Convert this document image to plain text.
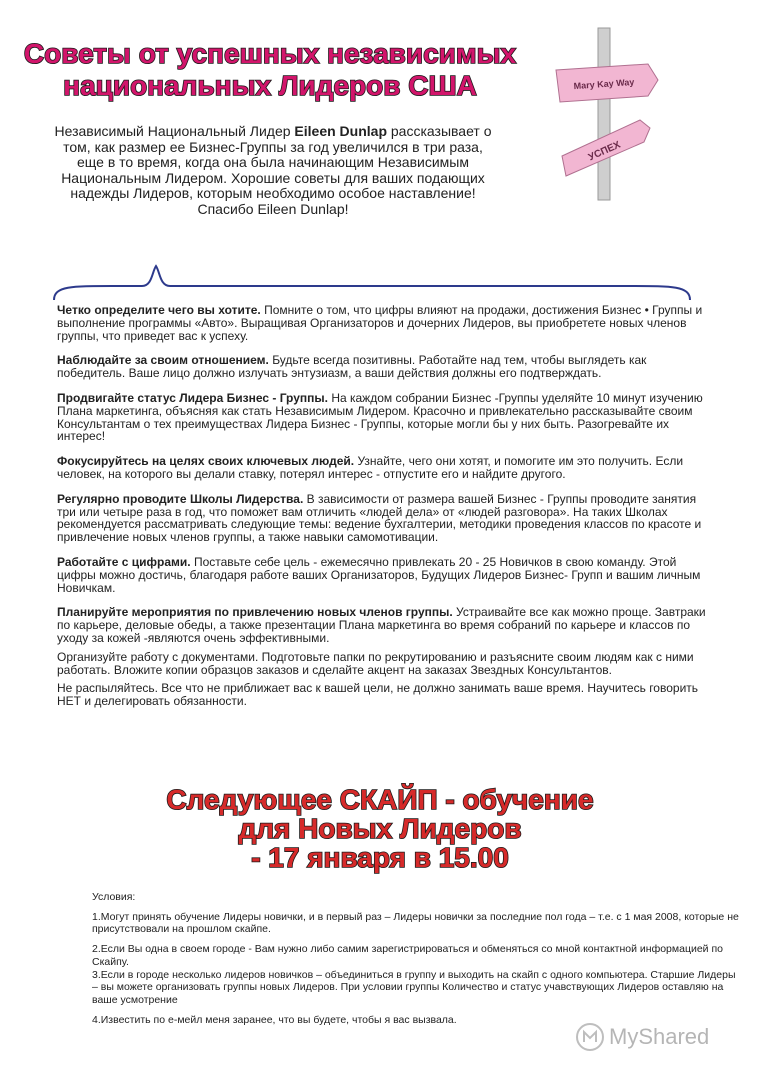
Советы от успешных независимых
национальных Лидеров США
Независимый Национальный Лидер Eileen Dunlap рассказывает о том, как размер ее Бизнес-Группы за год увеличился в три раза, еще в то время, когда она была начинающим Независимым Национальным Лидером. Хорошие советы для ваших подающих надежды Лидеров, которым необходимо особое наставление! Спасибо Eileen Dunlap!
Mary Kay Way
УСПЕХ
Четко определите чего вы хотите. Помните о том, что цифры влияют на продажи, достижения Бизнес • Группы и выполнение программы «Авто». Выращивая Организаторов и дочерних Лидеров, вы приобретете новых членов группы, что приведет вас к успеху.
Наблюдайте за своим отношением. Будьте всегда позитивны. Работайте над тем, чтобы выглядеть как победитель. Ваше лицо должно излучать энтузиазм, а ваши действия должны его подтверждать.
Продвигайте статус Лидера Бизнес - Группы. На каждом собрании Бизнес -Группы уделяйте 10 минут изучению Плана маркетинга, объясняя как стать Независимым Лидером. Красочно и привлекательно рассказывайте своим Консультантам о тех преимуществах Лидера Бизнес - Группы, которые могли бы у них быть. Разогревайте их интерес!
Фокусируйтесь на целях своих ключевых людей. Узнайте, чего они хотят, и помогите им это получить. Если человек, на которого вы делали ставку, потерял интерес - отпустите его и найдите другого.
Регулярно проводите Школы Лидерства. В зависимости от размера вашей Бизнес - Группы проводите занятия три или четыре раза в год, что поможет вам отличить «людей дела» от «людей разговора». На таких Школах рекомендуется рассматривать следующие темы: ведение бухгалтерии, методики проведения классов по красоте и привлечение новых членов группы, а также навыки самомотивации.
Работайте с цифрами. Поставьте себе цель - ежемесячно привлекать 20 - 25 Новичков в свою команду. Этой цифры можно достичь, благодаря работе ваших Организаторов, Будущих Лидеров Бизнес- Групп и вашим личным Новичкам.
Планируйте мероприятия по привлечению новых членов группы. Устраивайте все как можно проще. Завтраки по карьере, деловые обеды, а также презентации Плана маркетинга во время собраний по карьере и классов по уходу за кожей -являются очень эффективными.
Организуйте работу с документами. Подготовьте папки по рекрутированию и разъясните своим людям как с ними работать. Вложите копии образцов заказов и сделайте акцент на заказах Звездных Консультантов.
Не распыляйтесь. Все что не приближает вас к вашей цели, не должно занимать ваше время. Научитесь говорить НЕТ и делегировать обязанности.
Следующее СКАЙП - обучение
для Новых Лидеров
- 17 января в 15.00

Условия:

1.Могут принять обучение Лидеры новички, и в первый раз – Лидеры новички за последние пол года – т.е. с 1 мая 2008, которые не присутствовали на прошлом скайпе.

2.Если Вы одна в своем городе - Вам нужно либо самим зарегистрироваться и обменяться со мной контактной информацией по Скайпу.

3.Если в городе несколько лидеров новичков – объединиться в группу и выходить на скайп с одного компьютера. Старшие Лидеры – вы можете организовать группы новых Лидеров. При условии группы Количество и статус учавствующих Лидеров оставляю на ваше усмотрение

4.Известить по е-мейл меня заранее, что вы будете, чтобы я вас вызвала.

MyShared
